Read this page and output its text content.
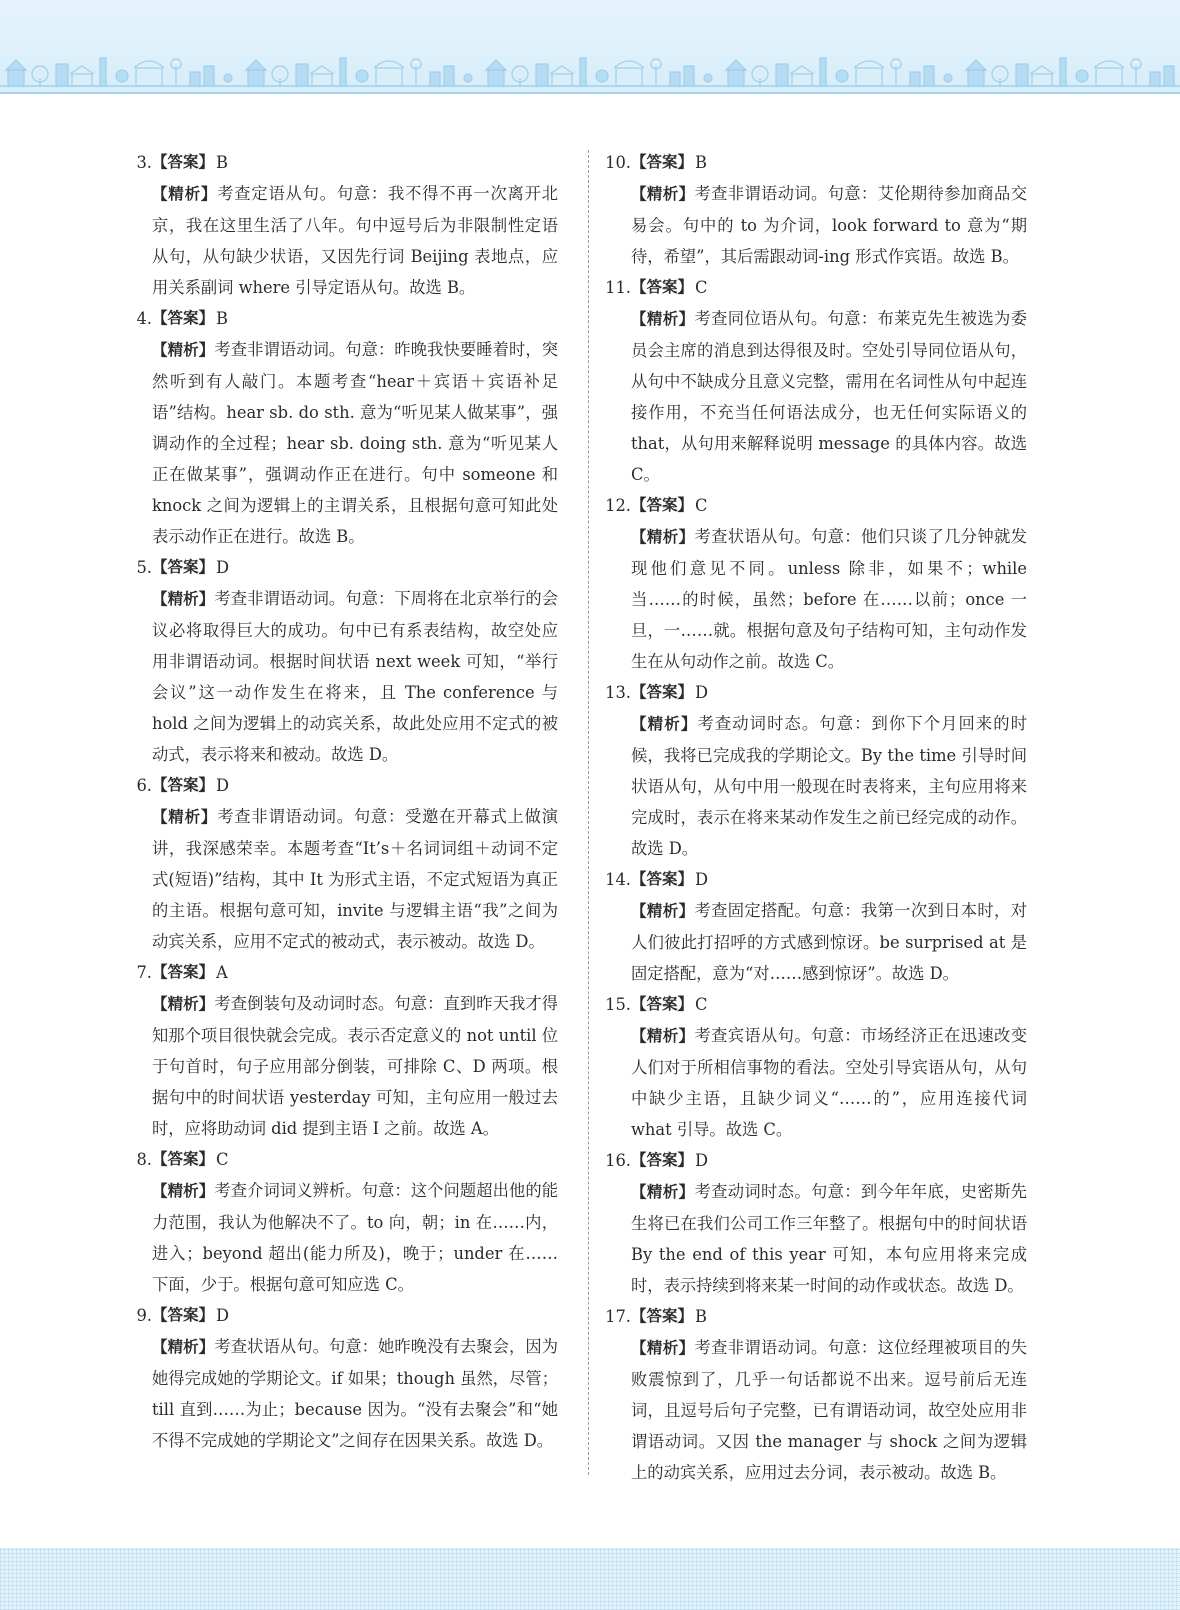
3. 【答案】 B
【精析】考查定语从句。句意：我不得不再一次离开北京，我在这里生活了八年。句中逗号后为非限制性定语从句，从句缺少状语，又因先行词 Beijing 表地点，应用关系副词 where 引导定语从句。故选 B。
4. 【答案】 B
【精析】考查非谓语动词。句意：昨晚我快要睡着时，突然听到有人敲门。本题考查“hear＋宾语＋宾语补足语”结构。hear sb. do sth. 意为“听见某人做某事”，强调动作的全过程；hear sb. doing sth. 意为“听见某人正在做某事”，强调动作正在进行。句中 someone 和 knock 之间为逻辑上的主谓关系，且根据句意可知此处表示动作正在进行。故选 B。
5. 【答案】 D
【精析】考查非谓语动词。句意：下周将在北京举行的会议必将取得巨大的成功。句中已有系表结构，故空处应用非谓语动词。根据时间状语 next week 可知，“举行会议”这一动作发生在将来，且 The conference 与 hold 之间为逻辑上的动宾关系，故此处应用不定式的被动式，表示将来和被动。故选 D。
6. 【答案】 D
【精析】考查非谓语动词。句意：受邀在开幕式上做演讲，我深感荣幸。本题考查“It’s＋名词词组＋动词不定式(短语)”结构，其中 It 为形式主语，不定式短语为真正的主语。根据句意可知，invite 与逻辑主语“我”之间为动宾关系，应用不定式的被动式，表示被动。故选 D。
7. 【答案】 A
【精析】考查倒装句及动词时态。句意：直到昨天我才得知那个项目很快就会完成。表示否定意义的 not until 位于句首时，句子应用部分倒装，可排除 C、D 两项。根据句中的时间状语 yesterday 可知，主句应用一般过去时，应将助动词 did 提到主语 I 之前。故选 A。
8. 【答案】 C
【精析】考查介词词义辨析。句意：这个问题超出他的能力范围，我认为他解决不了。to 向，朝；in 在……内，进入；beyond 超出(能力所及)，晚于；under 在……下面，少于。根据句意可知应选 C。
9. 【答案】 D
【精析】考查状语从句。句意：她昨晚没有去聚会，因为她得完成她的学期论文。if 如果；though 虽然，尽管；till 直到……为止；because 因为。“没有去聚会”和“她不得不完成她的学期论文”之间存在因果关系。故选 D。
10. 【答案】 B
【精析】考查非谓语动词。句意：艾伦期待参加商品交易会。句中的 to 为介词，look forward to 意为“期待，希望”，其后需跟动词-ing 形式作宾语。故选 B。
11. 【答案】 C
【精析】考查同位语从句。句意：布莱克先生被选为委员会主席的消息到达得很及时。空处引导同位语从句，从句中不缺成分且意义完整，需用在名词性从句中起连接作用，不充当任何语法成分，也无任何实际语义的 that，从句用来解释说明 message 的具体内容。故选 C。
12. 【答案】 C
【精析】考查状语从句。句意：他们只谈了几分钟就发现他们意见不同。unless 除非，如果不；while 当……的时候，虽然；before 在……以前；once 一旦，一……就。根据句意及句子结构可知，主句动作发生在从句动作之前。故选 C。
13. 【答案】 D
【精析】考查动词时态。句意：到你下个月回来的时候，我将已完成我的学期论文。By the time 引导时间状语从句，从句中用一般现在时表将来，主句应用将来完成时，表示在将来某动作发生之前已经完成的动作。故选 D。
14. 【答案】 D
【精析】考查固定搭配。句意：我第一次到日本时，对人们彼此打招呼的方式感到惊讶。be surprised at 是固定搭配，意为“对……感到惊讶”。故选 D。
15. 【答案】 C
【精析】考查宾语从句。句意：市场经济正在迅速改变人们对于所相信事物的看法。空处引导宾语从句，从句中缺少主语，且缺少词义“……的”，应用连接代词 what 引导。故选 C。
16. 【答案】 D
【精析】考查动词时态。句意：到今年年底，史密斯先生将已在我们公司工作三年整了。根据句中的时间状语 By the end of this year 可知，本句应用将来完成时，表示持续到将来某一时间的动作或状态。故选 D。
17. 【答案】 B
【精析】考查非谓语动词。句意：这位经理被项目的失败震惊到了，几乎一句话都说不出来。逗号前后无连词，且逗号后句子完整，已有谓语动词，故空处应用非谓语动词。又因 the manager 与 shock 之间为逻辑上的动宾关系，应用过去分词，表示被动。故选 B。
